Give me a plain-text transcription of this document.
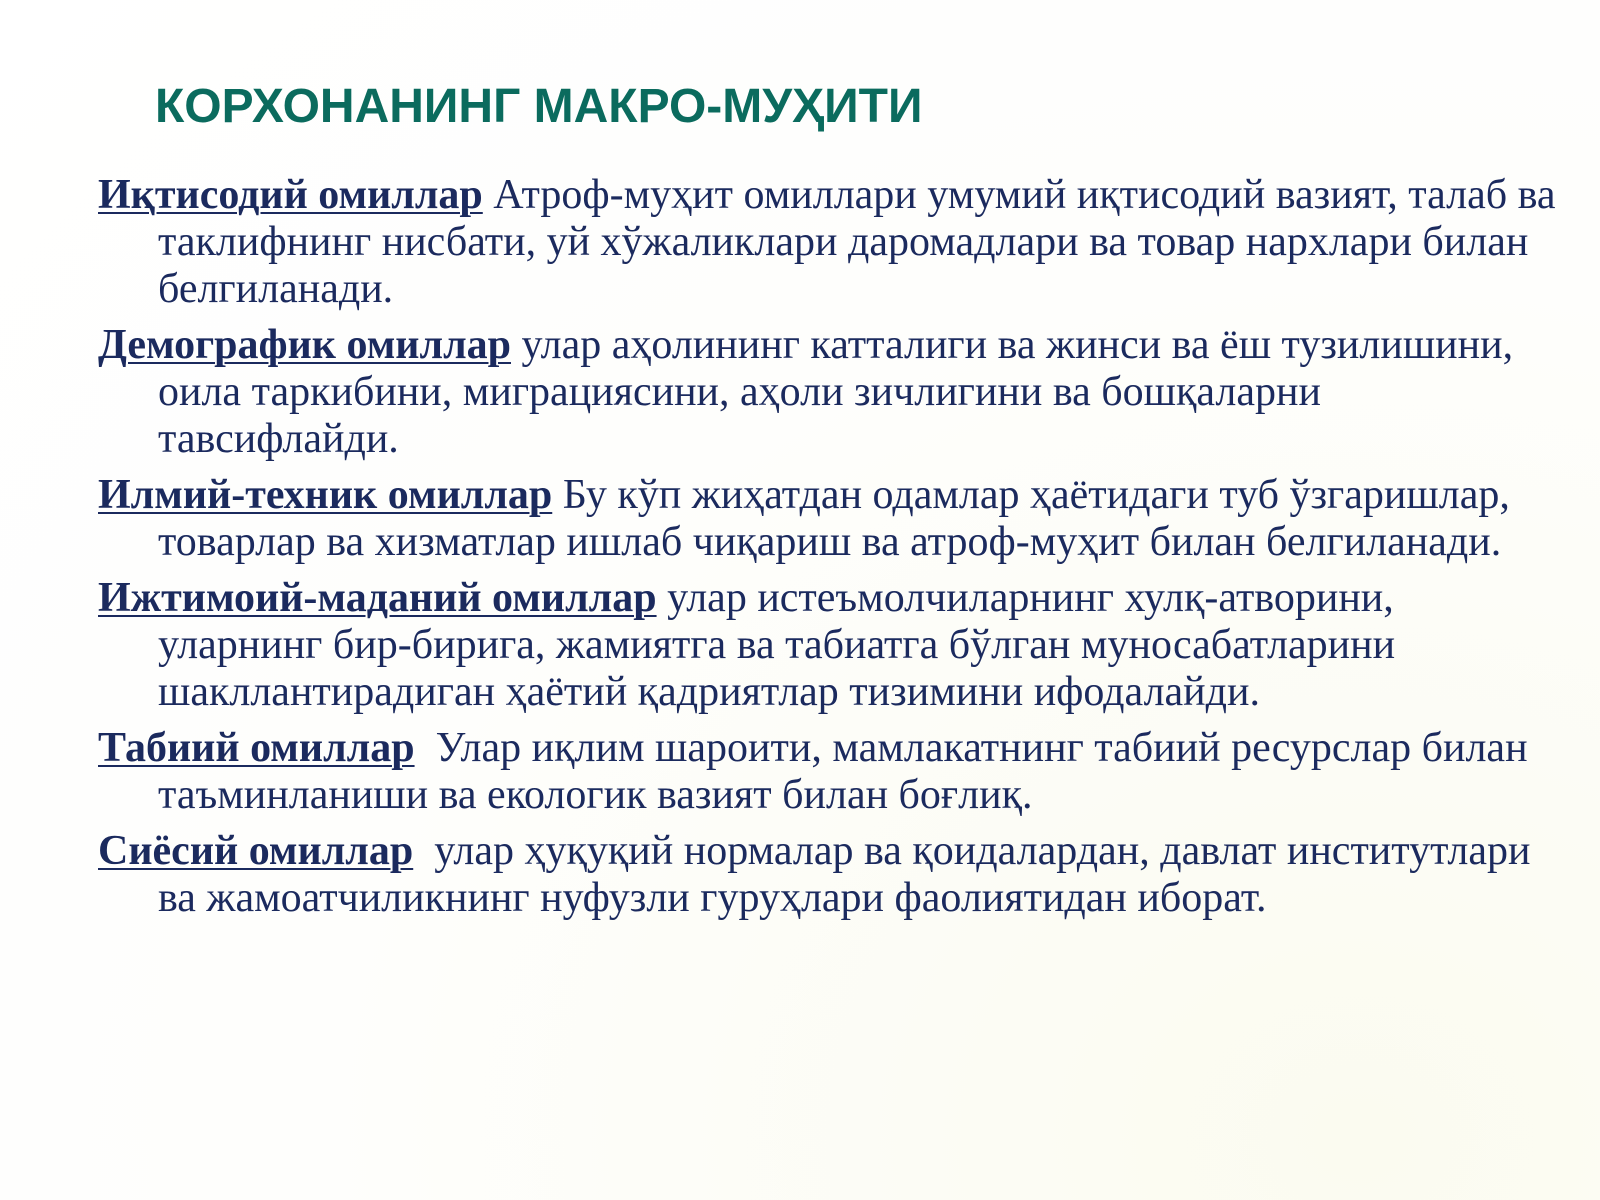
КОРХОНАНИНГ МАКРО-МУҲИТИ
Иқтисодий омиллар Атроф-муҳит омиллари умумий иқтисодий вазият, талаб ва таклифнинг нисбати, уй хўжаликлари даромадлари ва товар нархлари билан белгиланади.
Демографик омиллар улар аҳолининг катталиги ва жинси ва ёш тузилишини, оила таркибини, миграциясини, аҳоли зичлигини ва бошқаларни тавсифлайди.
Илмий-техник омиллар Бу кўп жиҳатдан одамлар ҳаётидаги туб ўзгаришлар, товарлар ва хизматлар ишлаб чиқариш ва атроф-муҳит билан белгиланади.
Ижтимоий-маданий омиллар улар истеъмолчиларнинг хулқ-атворини, уларнинг бир-бирига, жамиятга ва табиатга бўлган муносабатларини шакллантирадиган ҳаётий қадриятлар тизимини ифодалайди.
Табиий омиллар Улар иқлим шароити, мамлакатнинг табиий ресурслар билан таъминланиши ва екологик вазият билан боғлиқ.
Сиёсий омиллар улар ҳуқуқий нормалар ва қоидалардан, давлат институтлари ва жамоатчиликнинг нуфузли гуруҳлари фаолиятидан иборат.
